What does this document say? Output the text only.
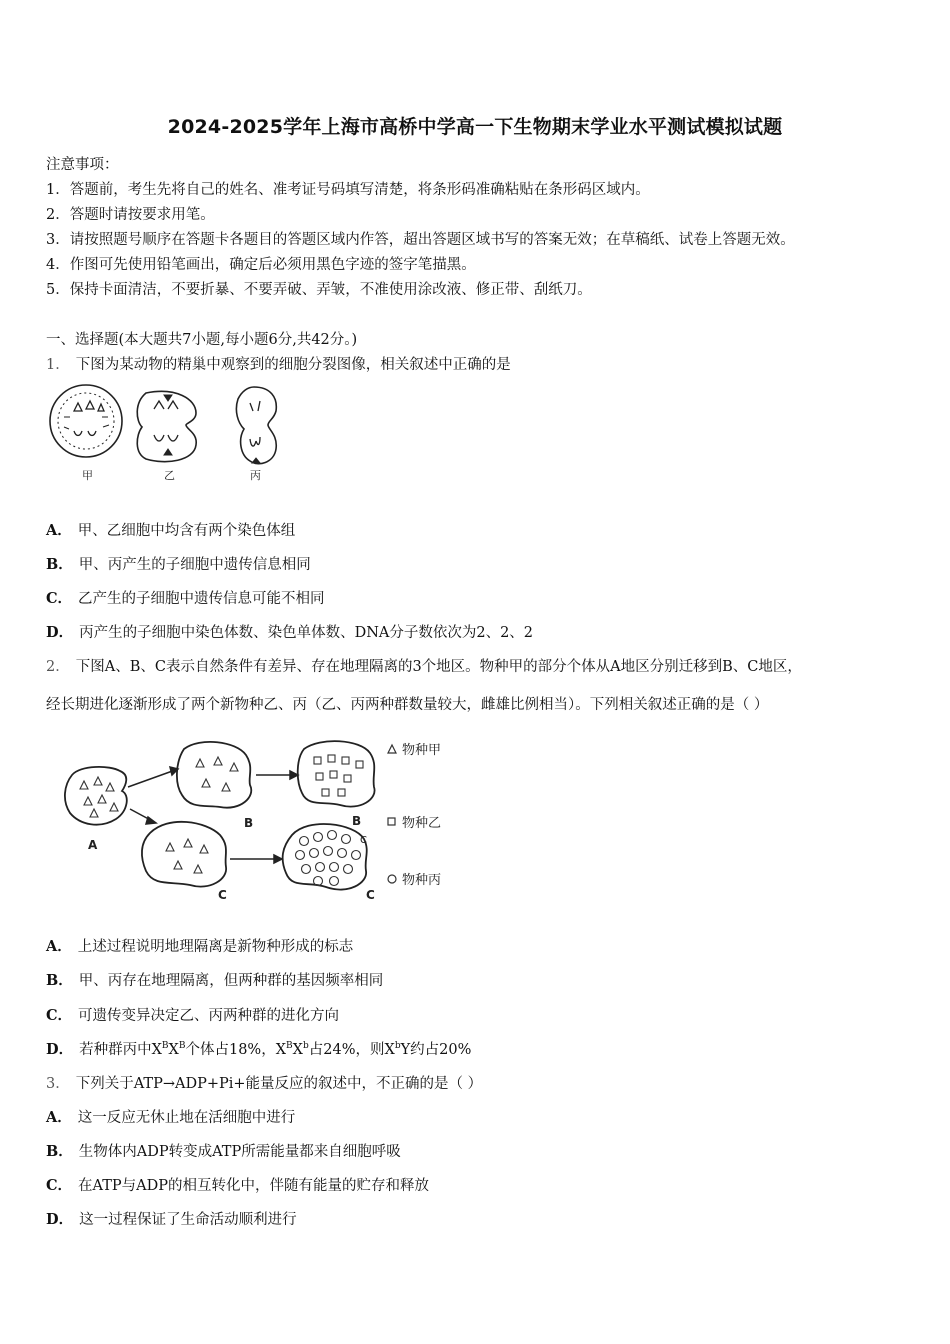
2024-2025学年上海市高桥中学高一下生物期末学业水平测试模拟试题
注意事项：
1．答题前，考生先将自己的姓名、准考证号码填写清楚，将条形码准确粘贴在条形码区域内。
2．答题时请按要求用笔。
3．请按照题号顺序在答题卡各题目的答题区域内作答，超出答题区域书写的答案无效；在草稿纸、试卷上答题无效。
4．作图可先使用铅笔画出，确定后必须用黑色字迹的签字笔描黑。
5．保持卡面清洁，不要折暴、不要弄破、弄皱，不准使用涂改液、修正带、刮纸刀。
一、选择题(本大题共7小题,每小题6分,共42分。)
1． 下图为某动物的精巢中观察到的细胞分裂图像，相关叙述中正确的是
甲	乙	丙
A． 甲、乙细胞中均含有两个染色体组
B． 甲、丙产生的子细胞中遗传信息相同
C． 乙产生的子细胞中遗传信息可能不相同
D． 丙产生的子细胞中染色体数、染色单体数、DNA分子数依次为2、2、2
2． 下图A、B、C表示自然条件有差异、存在地理隔离的3个地区。物种甲的部分个体从A地区分别迁移到B、C地区，
经长期进化逐渐形成了两个新物种乙、丙（乙、丙两种群数量较大，雌雄比例相当）。下列相关叙述正确的是（ ）
A
B	B
C	C
C
物种甲
物种乙
物种丙
A． 上述过程说明地理隔离是新物种形成的标志
B． 甲、丙存在地理隔离，但两种群的基因频率相同
C． 可遗传变异决定乙、丙两种群的进化方向
D． 若种群丙中$X^BX^B$个体占18%，$X^BX^b$占24%，则$X^bY$约占20%
3． 下列关于ATP→ADP+Pi+能量反应的叙述中，不正确的是（ ）
A． 这一反应无休止地在活细胞中进行
B． 生物体内ADP转变成ATP所需能量都来自细胞呼吸
C． 在ATP与ADP的相互转化中，伴随有能量的贮存和释放
D． 这一过程保证了生命活动顺利进行
